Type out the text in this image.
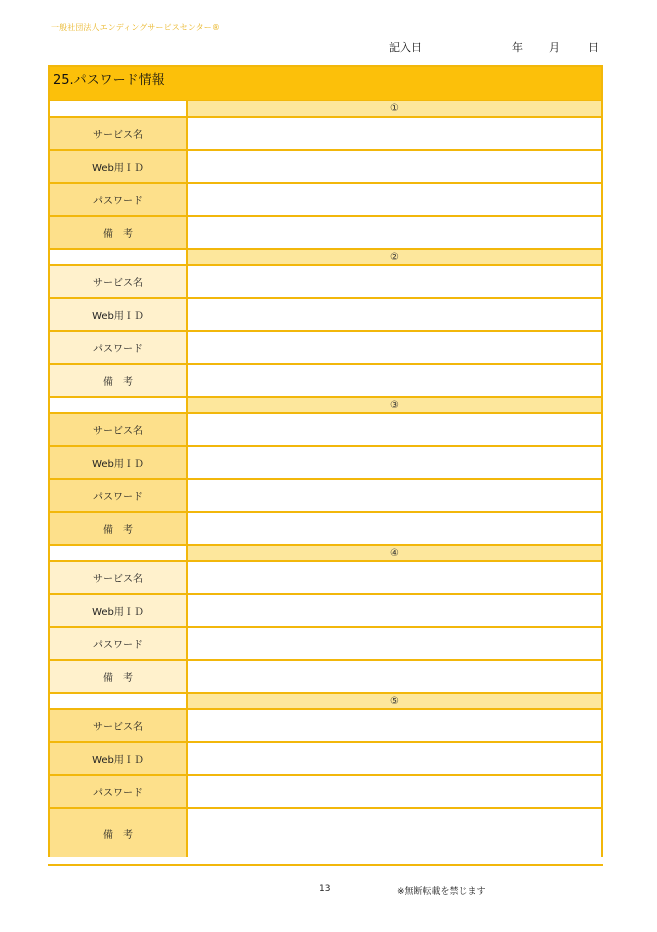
一般社団法人エンディングサービスセンター®
記入日	年 月	日
25.パスワード情報
①
サービス名
Web用ＩＤ
パスワード
備　考
②
サービス名
Web用ＩＤ
パスワード
備　考
③
サービス名
Web用ＩＤ
パスワード
備　考
④
サービス名
Web用ＩＤ
パスワード
備　考
⑤
サービス名
Web用ＩＤ
パスワード
備　考
13	※無断転載を禁じます
